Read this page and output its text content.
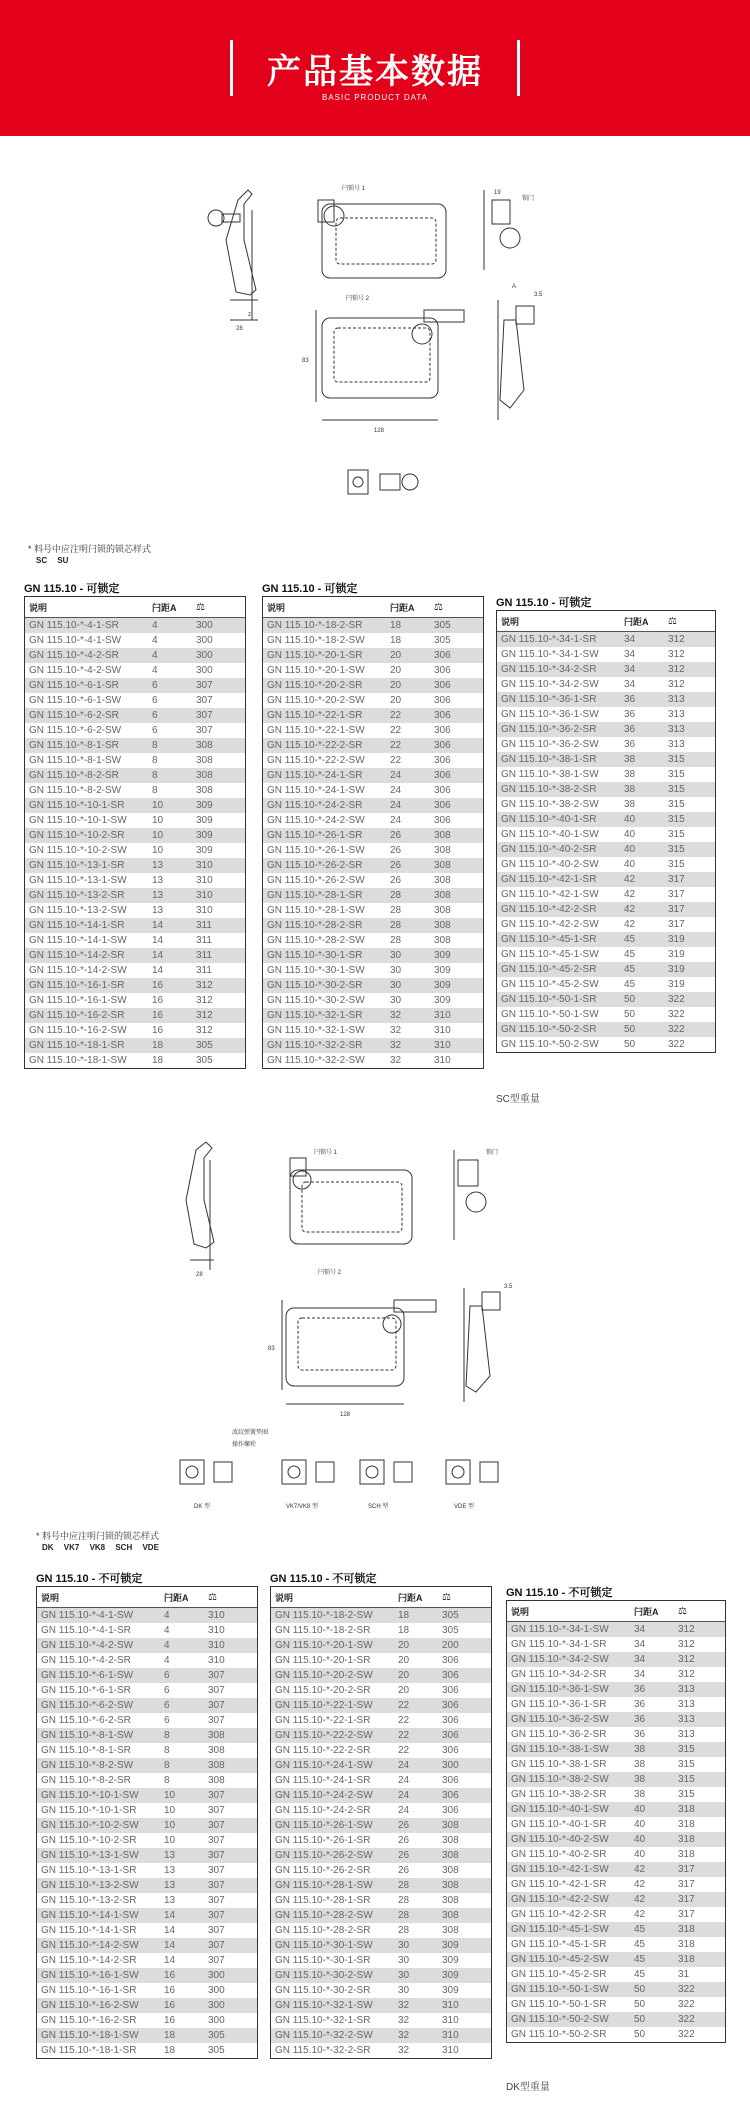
产品基本数据
BASIC PRODUCT DATA
闩锁号 1
闩锁号 2
锁门
19
28
z
128
83
A
3.5
* 料号中应注明闩锁的锁芯样式
SC SU
GN 115.10 - 可锁定
说明	闩距A	⚖
GN 115.10-*-4-1-SR	4	300
GN 115.10-*-4-1-SW	4	300
GN 115.10-*-4-2-SR	4	300
GN 115.10-*-4-2-SW	4	300
GN 115.10-*-6-1-SR	6	307
GN 115.10-*-6-1-SW	6	307
GN 115.10-*-6-2-SR	6	307
GN 115.10-*-6-2-SW	6	307
GN 115.10-*-8-1-SR	8	308
GN 115.10-*-8-1-SW	8	308
GN 115.10-*-8-2-SR	8	308
GN 115.10-*-8-2-SW	8	308
GN 115.10-*-10-1-SR	10	309
GN 115.10-*-10-1-SW	10	309
GN 115.10-*-10-2-SR	10	309
GN 115.10-*-10-2-SW	10	309
GN 115.10-*-13-1-SR	13	310
GN 115.10-*-13-1-SW	13	310
GN 115.10-*-13-2-SR	13	310
GN 115.10-*-13-2-SW	13	310
GN 115.10-*-14-1-SR	14	311
GN 115.10-*-14-1-SW	14	311
GN 115.10-*-14-2-SR	14	311
GN 115.10-*-14-2-SW	14	311
GN 115.10-*-16-1-SR	16	312
GN 115.10-*-16-1-SW	16	312
GN 115.10-*-16-2-SR	16	312
GN 115.10-*-16-2-SW	16	312
GN 115.10-*-18-1-SR	18	305
GN 115.10-*-18-1-SW	18	305
GN 115.10 - 可锁定
说明	闩距A	⚖
GN 115.10-*-18-2-SR	18	305
GN 115.10-*-18-2-SW	18	305
GN 115.10-*-20-1-SR	20	306
GN 115.10-*-20-1-SW	20	306
GN 115.10-*-20-2-SR	20	306
GN 115.10-*-20-2-SW	20	306
GN 115.10-*-22-1-SR	22	306
GN 115.10-*-22-1-SW	22	306
GN 115.10-*-22-2-SR	22	306
GN 115.10-*-22-2-SW	22	306
GN 115.10-*-24-1-SR	24	306
GN 115.10-*-24-1-SW	24	306
GN 115.10-*-24-2-SR	24	306
GN 115.10-*-24-2-SW	24	306
GN 115.10-*-26-1-SR	26	308
GN 115.10-*-26-1-SW	26	308
GN 115.10-*-26-2-SR	26	308
GN 115.10-*-26-2-SW	26	308
GN 115.10-*-28-1-SR	28	308
GN 115.10-*-28-1-SW	28	308
GN 115.10-*-28-2-SR	28	308
GN 115.10-*-28-2-SW	28	308
GN 115.10-*-30-1-SR	30	309
GN 115.10-*-30-1-SW	30	309
GN 115.10-*-30-2-SR	30	309
GN 115.10-*-30-2-SW	30	309
GN 115.10-*-32-1-SR	32	310
GN 115.10-*-32-1-SW	32	310
GN 115.10-*-32-2-SR	32	310
GN 115.10-*-32-2-SW	32	310
GN 115.10 - 可锁定
说明	闩距A	⚖
GN 115.10-*-34-1-SR	34	312
GN 115.10-*-34-1-SW	34	312
GN 115.10-*-34-2-SR	34	312
GN 115.10-*-34-2-SW	34	312
GN 115.10-*-36-1-SR	36	313
GN 115.10-*-36-1-SW	36	313
GN 115.10-*-36-2-SR	36	313
GN 115.10-*-36-2-SW	36	313
GN 115.10-*-38-1-SR	38	315
GN 115.10-*-38-1-SW	38	315
GN 115.10-*-38-2-SR	38	315
GN 115.10-*-38-2-SW	38	315
GN 115.10-*-40-1-SR	40	315
GN 115.10-*-40-1-SW	40	315
GN 115.10-*-40-2-SR	40	315
GN 115.10-*-40-2-SW	40	315
GN 115.10-*-42-1-SR	42	317
GN 115.10-*-42-1-SW	42	317
GN 115.10-*-42-2-SR	42	317
GN 115.10-*-42-2-SW	42	317
GN 115.10-*-45-1-SR	45	319
GN 115.10-*-45-1-SW	45	319
GN 115.10-*-45-2-SR	45	319
GN 115.10-*-45-2-SW	45	319
GN 115.10-*-50-1-SR	50	322
GN 115.10-*-50-1-SW	50	322
GN 115.10-*-50-2-SR	50	322
GN 115.10-*-50-2-SW	50	322
SC型重量
闩锁号 1
闩锁号 2
锁门
28
128
83
3.5
波纹弹簧垫圈
操作螺栓
DK 型	VK7/VK8 型	SCH 型	VDE 型
* 料号中应注明闩锁的锁芯样式
DK VK7 VK8 SCH VDE
GN 115.10 - 不可锁定
说明	闩距A	⚖
GN 115.10-*-4-1-SW	4	310
GN 115.10-*-4-1-SR	4	310
GN 115.10-*-4-2-SW	4	310
GN 115.10-*-4-2-SR	4	310
GN 115.10-*-6-1-SW	6	307
GN 115.10-*-6-1-SR	6	307
GN 115.10-*-6-2-SW	6	307
GN 115.10-*-6-2-SR	6	307
GN 115.10-*-8-1-SW	8	308
GN 115.10-*-8-1-SR	8	308
GN 115.10-*-8-2-SW	8	308
GN 115.10-*-8-2-SR	8	308
GN 115.10-*-10-1-SW	10	307
GN 115.10-*-10-1-SR	10	307
GN 115.10-*-10-2-SW	10	307
GN 115.10-*-10-2-SR	10	307
GN 115.10-*-13-1-SW	13	307
GN 115.10-*-13-1-SR	13	307
GN 115.10-*-13-2-SW	13	307
GN 115.10-*-13-2-SR	13	307
GN 115.10-*-14-1-SW	14	307
GN 115.10-*-14-1-SR	14	307
GN 115.10-*-14-2-SW	14	307
GN 115.10-*-14-2-SR	14	307
GN 115.10-*-16-1-SW	16	300
GN 115.10-*-16-1-SR	16	300
GN 115.10-*-16-2-SW	16	300
GN 115.10-*-16-2-SR	16	300
GN 115.10-*-18-1-SW	18	305
GN 115.10-*-18-1-SR	18	305
GN 115.10 - 不可锁定
说明	闩距A	⚖
GN 115.10-*-18-2-SW	18	305
GN 115.10-*-18-2-SR	18	305
GN 115.10-*-20-1-SW	20	200
GN 115.10-*-20-1-SR	20	306
GN 115.10-*-20-2-SW	20	306
GN 115.10-*-20-2-SR	20	306
GN 115.10-*-22-1-SW	22	306
GN 115.10-*-22-1-SR	22	306
GN 115.10-*-22-2-SW	22	306
GN 115.10-*-22-2-SR	22	306
GN 115.10-*-24-1-SW	24	300
GN 115.10-*-24-1-SR	24	306
GN 115.10-*-24-2-SW	24	306
GN 115.10-*-24-2-SR	24	306
GN 115.10-*-26-1-SW	26	308
GN 115.10-*-26-1-SR	26	308
GN 115.10-*-26-2-SW	26	308
GN 115.10-*-26-2-SR	26	308
GN 115.10-*-28-1-SW	28	308
GN 115.10-*-28-1-SR	28	308
GN 115.10-*-28-2-SW	28	308
GN 115.10-*-28-2-SR	28	308
GN 115.10-*-30-1-SW	30	309
GN 115.10-*-30-1-SR	30	309
GN 115.10-*-30-2-SW	30	309
GN 115.10-*-30-2-SR	30	309
GN 115.10-*-32-1-SW	32	310
GN 115.10-*-32-1-SR	32	310
GN 115.10-*-32-2-SW	32	310
GN 115.10-*-32-2-SR	32	310
GN 115.10 - 不可锁定
说明	闩距A	⚖
GN 115.10-*-34-1-SW	34	312
GN 115.10-*-34-1-SR	34	312
GN 115.10-*-34-2-SW	34	312
GN 115.10-*-34-2-SR	34	312
GN 115.10-*-36-1-SW	36	313
GN 115.10-*-36-1-SR	36	313
GN 115.10-*-36-2-SW	36	313
GN 115.10-*-36-2-SR	36	313
GN 115.10-*-38-1-SW	38	315
GN 115.10-*-38-1-SR	38	315
GN 115.10-*-38-2-SW	38	315
GN 115.10-*-38-2-SR	38	315
GN 115.10-*-40-1-SW	40	318
GN 115.10-*-40-1-SR	40	318
GN 115.10-*-40-2-SW	40	318
GN 115.10-*-40-2-SR	40	318
GN 115.10-*-42-1-SW	42	317
GN 115.10-*-42-1-SR	42	317
GN 115.10-*-42-2-SW	42	317
GN 115.10-*-42-2-SR	42	317
GN 115.10-*-45-1-SW	45	318
GN 115.10-*-45-1-SR	45	318
GN 115.10-*-45-2-SW	45	318
GN 115.10-*-45-2-SR	45	31
GN 115.10-*-50-1-SW	50	322
GN 115.10-*-50-1-SR	50	322
GN 115.10-*-50-2-SW	50	322
GN 115.10-*-50-2-SR	50	322
DK型重量
